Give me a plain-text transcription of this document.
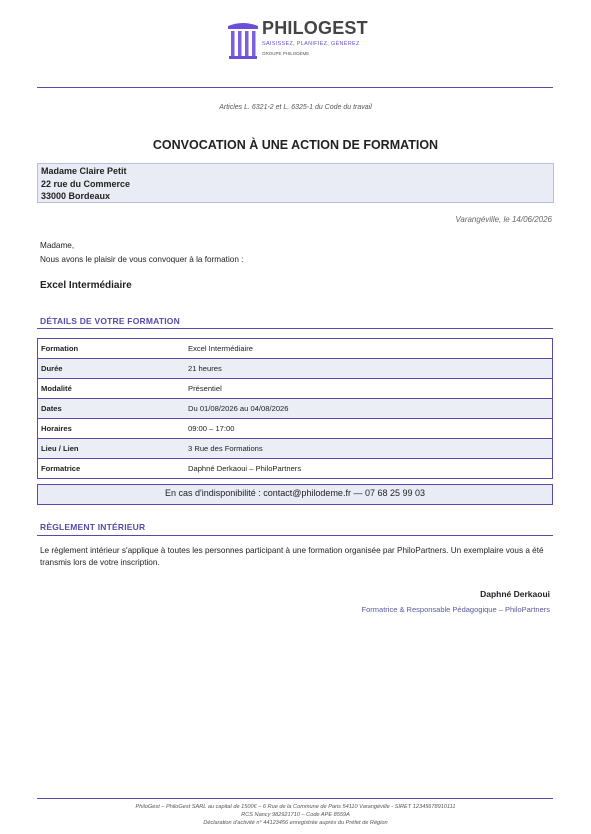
PHILOGEST
SAISISSEZ, PLANIFIEZ, GÉNÉREZ
GROUPE PHILODÈME
Articles L. 6321-2 et L. 6325-1 du Code du travail
CONVOCATION À UNE ACTION DE FORMATION
Madame Claire Petit
22 rue du Commerce
33000 Bordeaux
Varangéville, le 14/06/2026
Madame,
Nous avons le plaisir de vous convoquer à la formation :
Excel Intermédiaire
DÉTAILS DE VOTRE FORMATION
Formation	Excel Intermédiaire
Durée	21 heures
Modalité	Présentiel
Dates	Du 01/08/2026 au 04/08/2026
Horaires	09:00 – 17:00
Lieu / Lien	3 Rue des Formations
Formatrice	Daphné Derkaoui – PhiloPartners
En cas d'indisponibilité : contact@philodeme.fr — 07 68 25 99 03
RÈGLEMENT INTÉRIEUR
Le règlement intérieur s'applique à toutes les personnes participant à une formation organisée par PhiloPartners. Un exemplaire vous a été transmis lors de votre inscription.
Daphné Derkaoui
Formatrice & Responsable Pédagogique – PhiloPartners
PhiloGest – PhiloGest SARL au capital de 1500€ – 6 Rue de la Commune de Paris 54110 Varangéville - SIRET 12345678910111
RCS Nancy 982921710 – Code APE 8559A
Déclaration d'activité n° 44123456 enregistrée auprès du Préfet de Région
